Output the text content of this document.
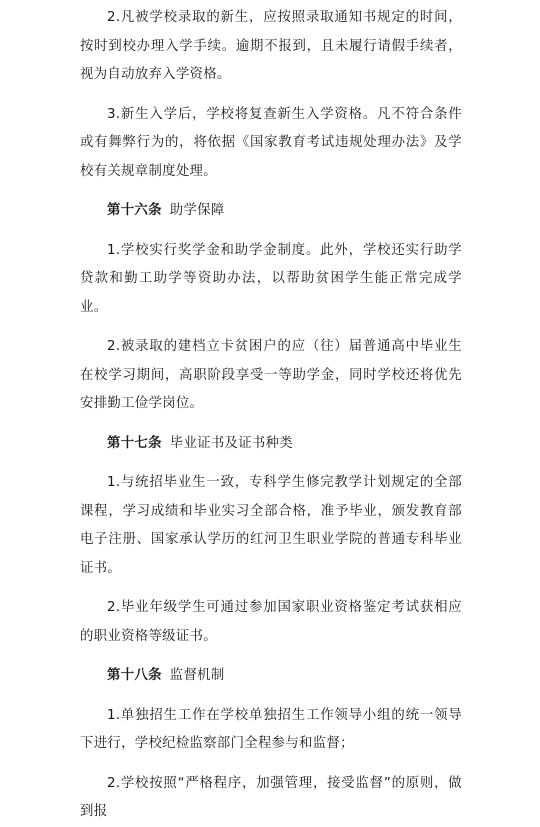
2.凡被学校录取的新生，应按照录取通知书规定的时间，按时到校办理入学手续。逾期不报到，且未履行请假手续者，视为自动放弃入学资格。

3.新生入学后，学校将复查新生入学资格。凡不符合条件或有舞弊行为的，将依据《国家教育考试违规处理办法》及学校有关规章制度处理。

第十六条 助学保障

1.学校实行奖学金和助学金制度。此外，学校还实行助学贷款和勤工助学等资助办法，以帮助贫困学生能正常完成学业。

2.被录取的建档立卡贫困户的应（往）届普通高中毕业生在校学习期间，高职阶段享受一等助学金，同时学校还将优先安排勤工俭学岗位。

第十七条 毕业证书及证书种类

1.与统招毕业生一致，专科学生修完教学计划规定的全部课程，学习成绩和毕业实习全部合格，准予毕业，颁发教育部电子注册、国家承认学历的红河卫生职业学院的普通专科毕业证书。

2.毕业年级学生可通过参加国家职业资格鉴定考试获相应的职业资格等级证书。

第十八条 监督机制

1.单独招生工作在学校单独招生工作领导小组的统一领导下进行，学校纪检监察部门全程参与和监督；

2.学校按照“严格程序，加强管理，接受监督”的原则，做到报
